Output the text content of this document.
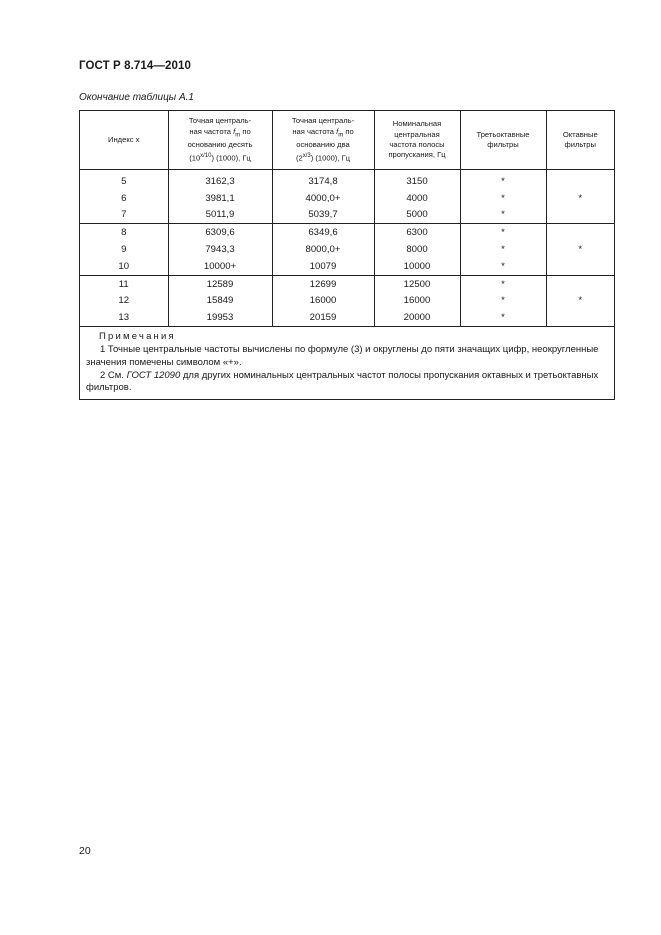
ГОСТ Р 8.714—2010
Окончание таблицы А.1
Индекс x	Точная централь-
ная частота $f_m$ по
основанию десять
$(10^{x/10})$ (1000), Гц	Точная централь-
ная частота $f_m$ по
основанию два
$(2^{x/3})$ (1000), Гц	Номинальная
центральная
частота полосы
пропускания, Гц	Третьоктавные
фильтры	Октавные
фильтры
5	3162,3	3174,8	3150	*	
6	3981,1	4000,0+	4000	*	*
7	5011,9	5039,7	5000	*	
8	6309,6	6349,6	6300	*	
9	7943,3	8000,0+	8000	*	*
10	10000+	10079	10000	*	
11	12589	12699	12500	*	
12	15849	16000	16000	*	*
13	19953	20159	20000	*	
Примечания
1 Точные центральные частоты вычислены по формуле (3) и округлены до пяти значащих цифр, неокругленные значения помечены символом «+».
2 См. ГОСТ 12090 для других номинальных центральных частот полосы пропускания октавных и третьоктавных фильтров.
20
